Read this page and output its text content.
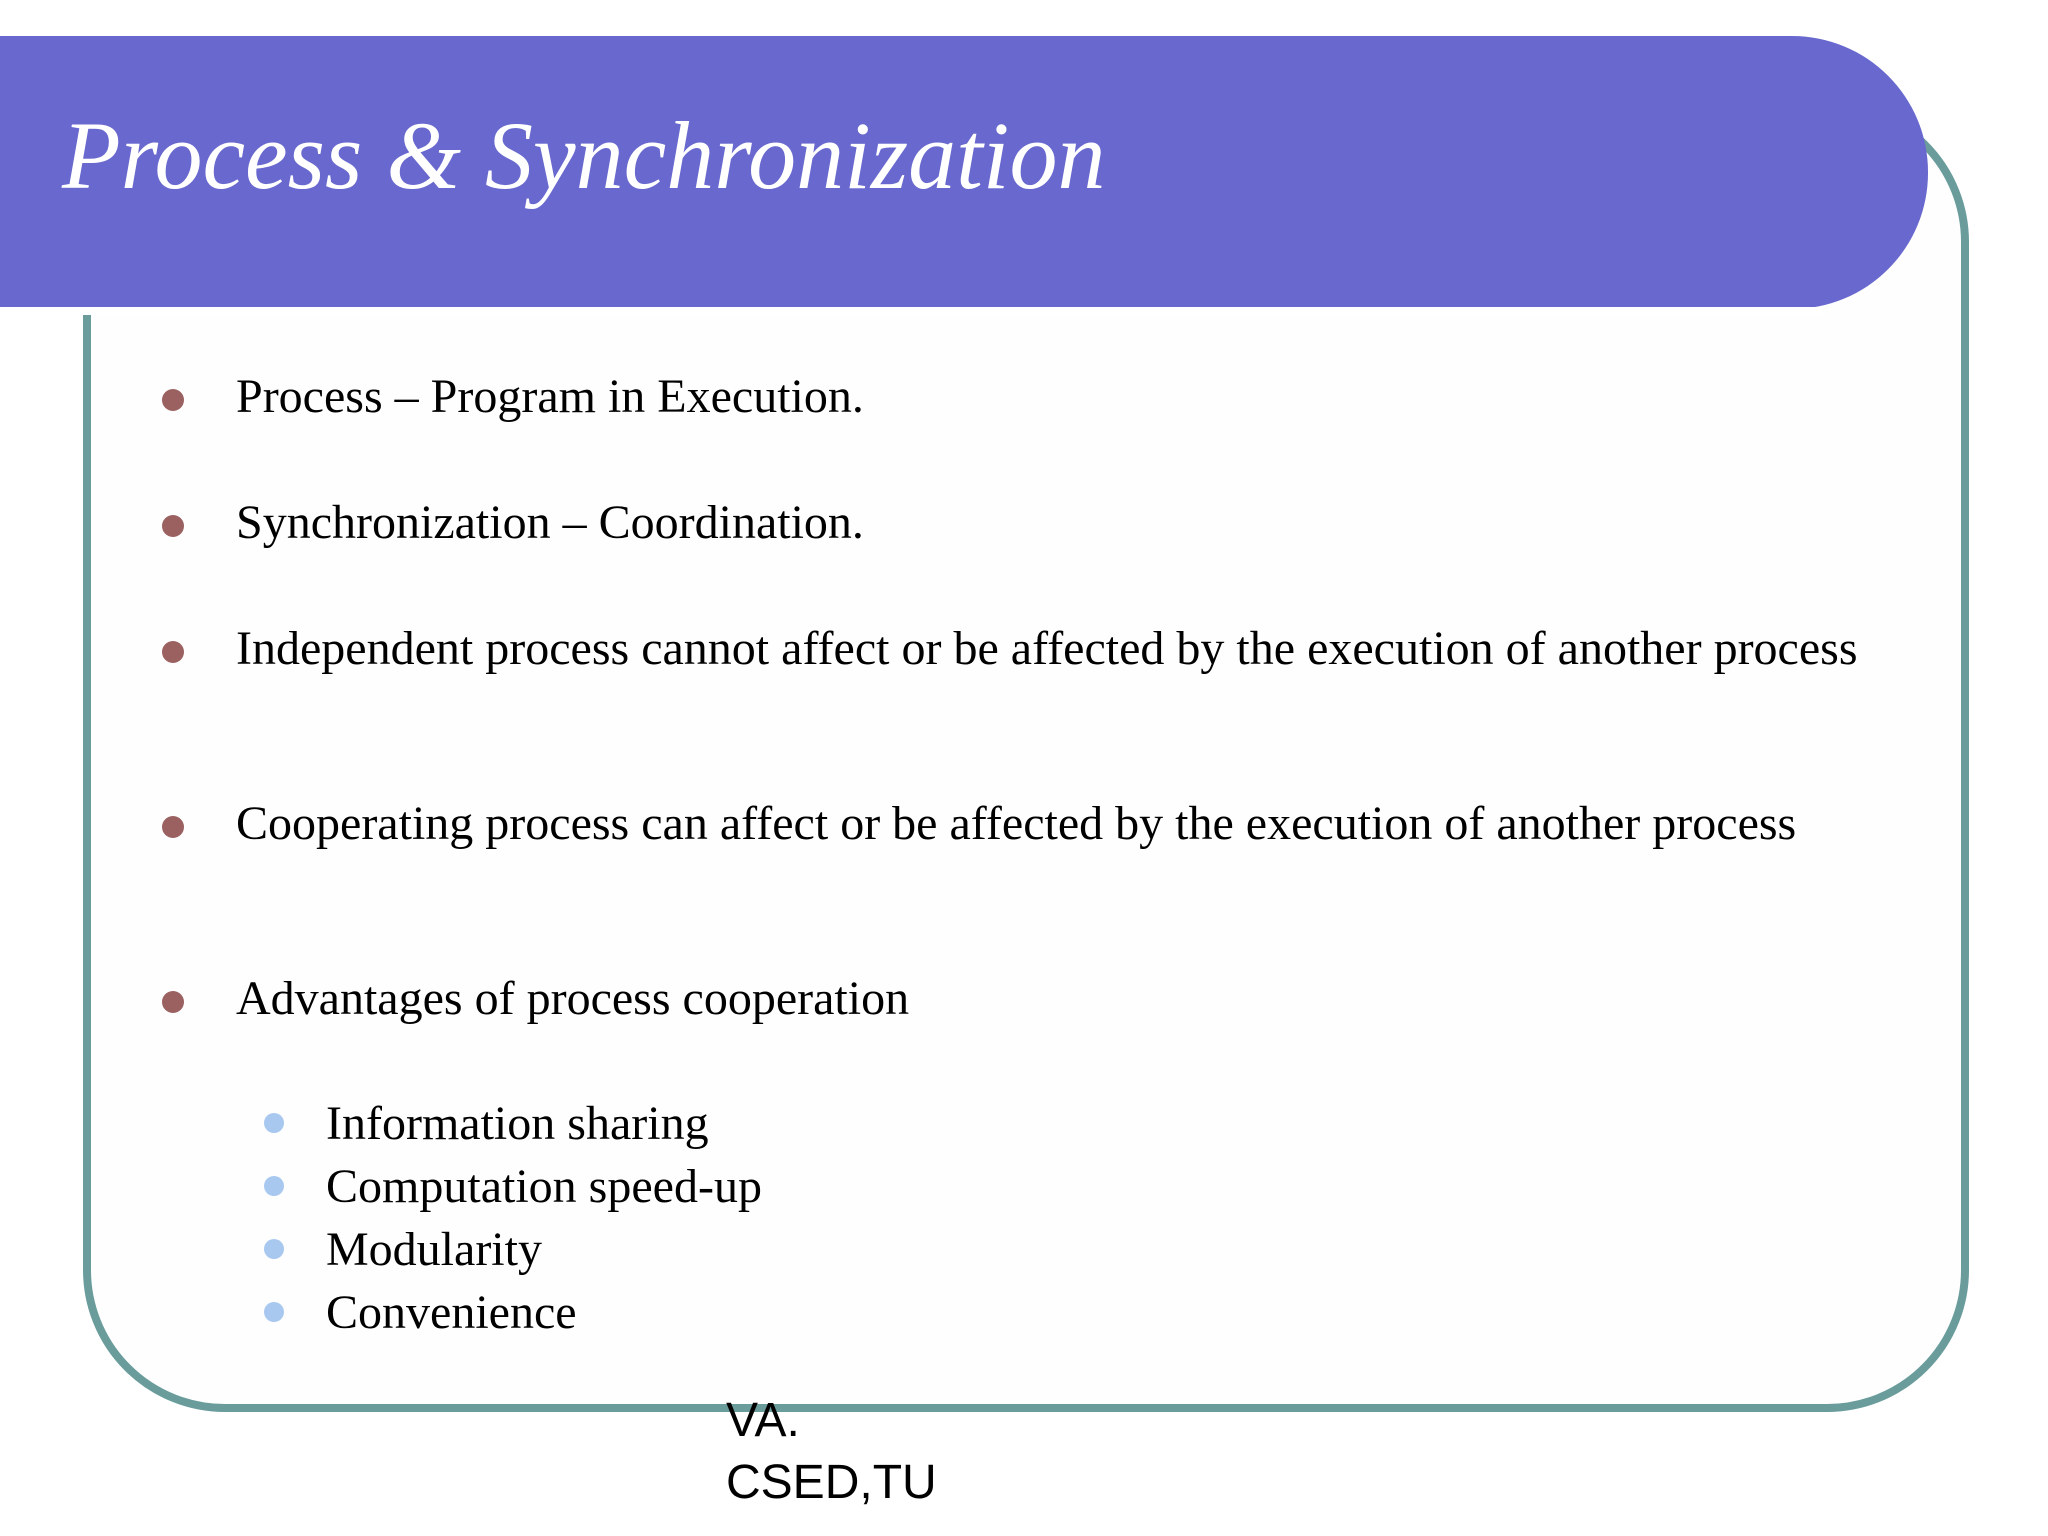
Process & Synchronization
Process – Program in Execution.
Synchronization – Coordination.
Independent process cannot affect or be affected by the execution of another process
Cooperating process can affect or be affected by the execution of another process
Advantages of process cooperation
Information sharing
Computation speed-up
Modularity
Convenience
VA.
CSED,TU
